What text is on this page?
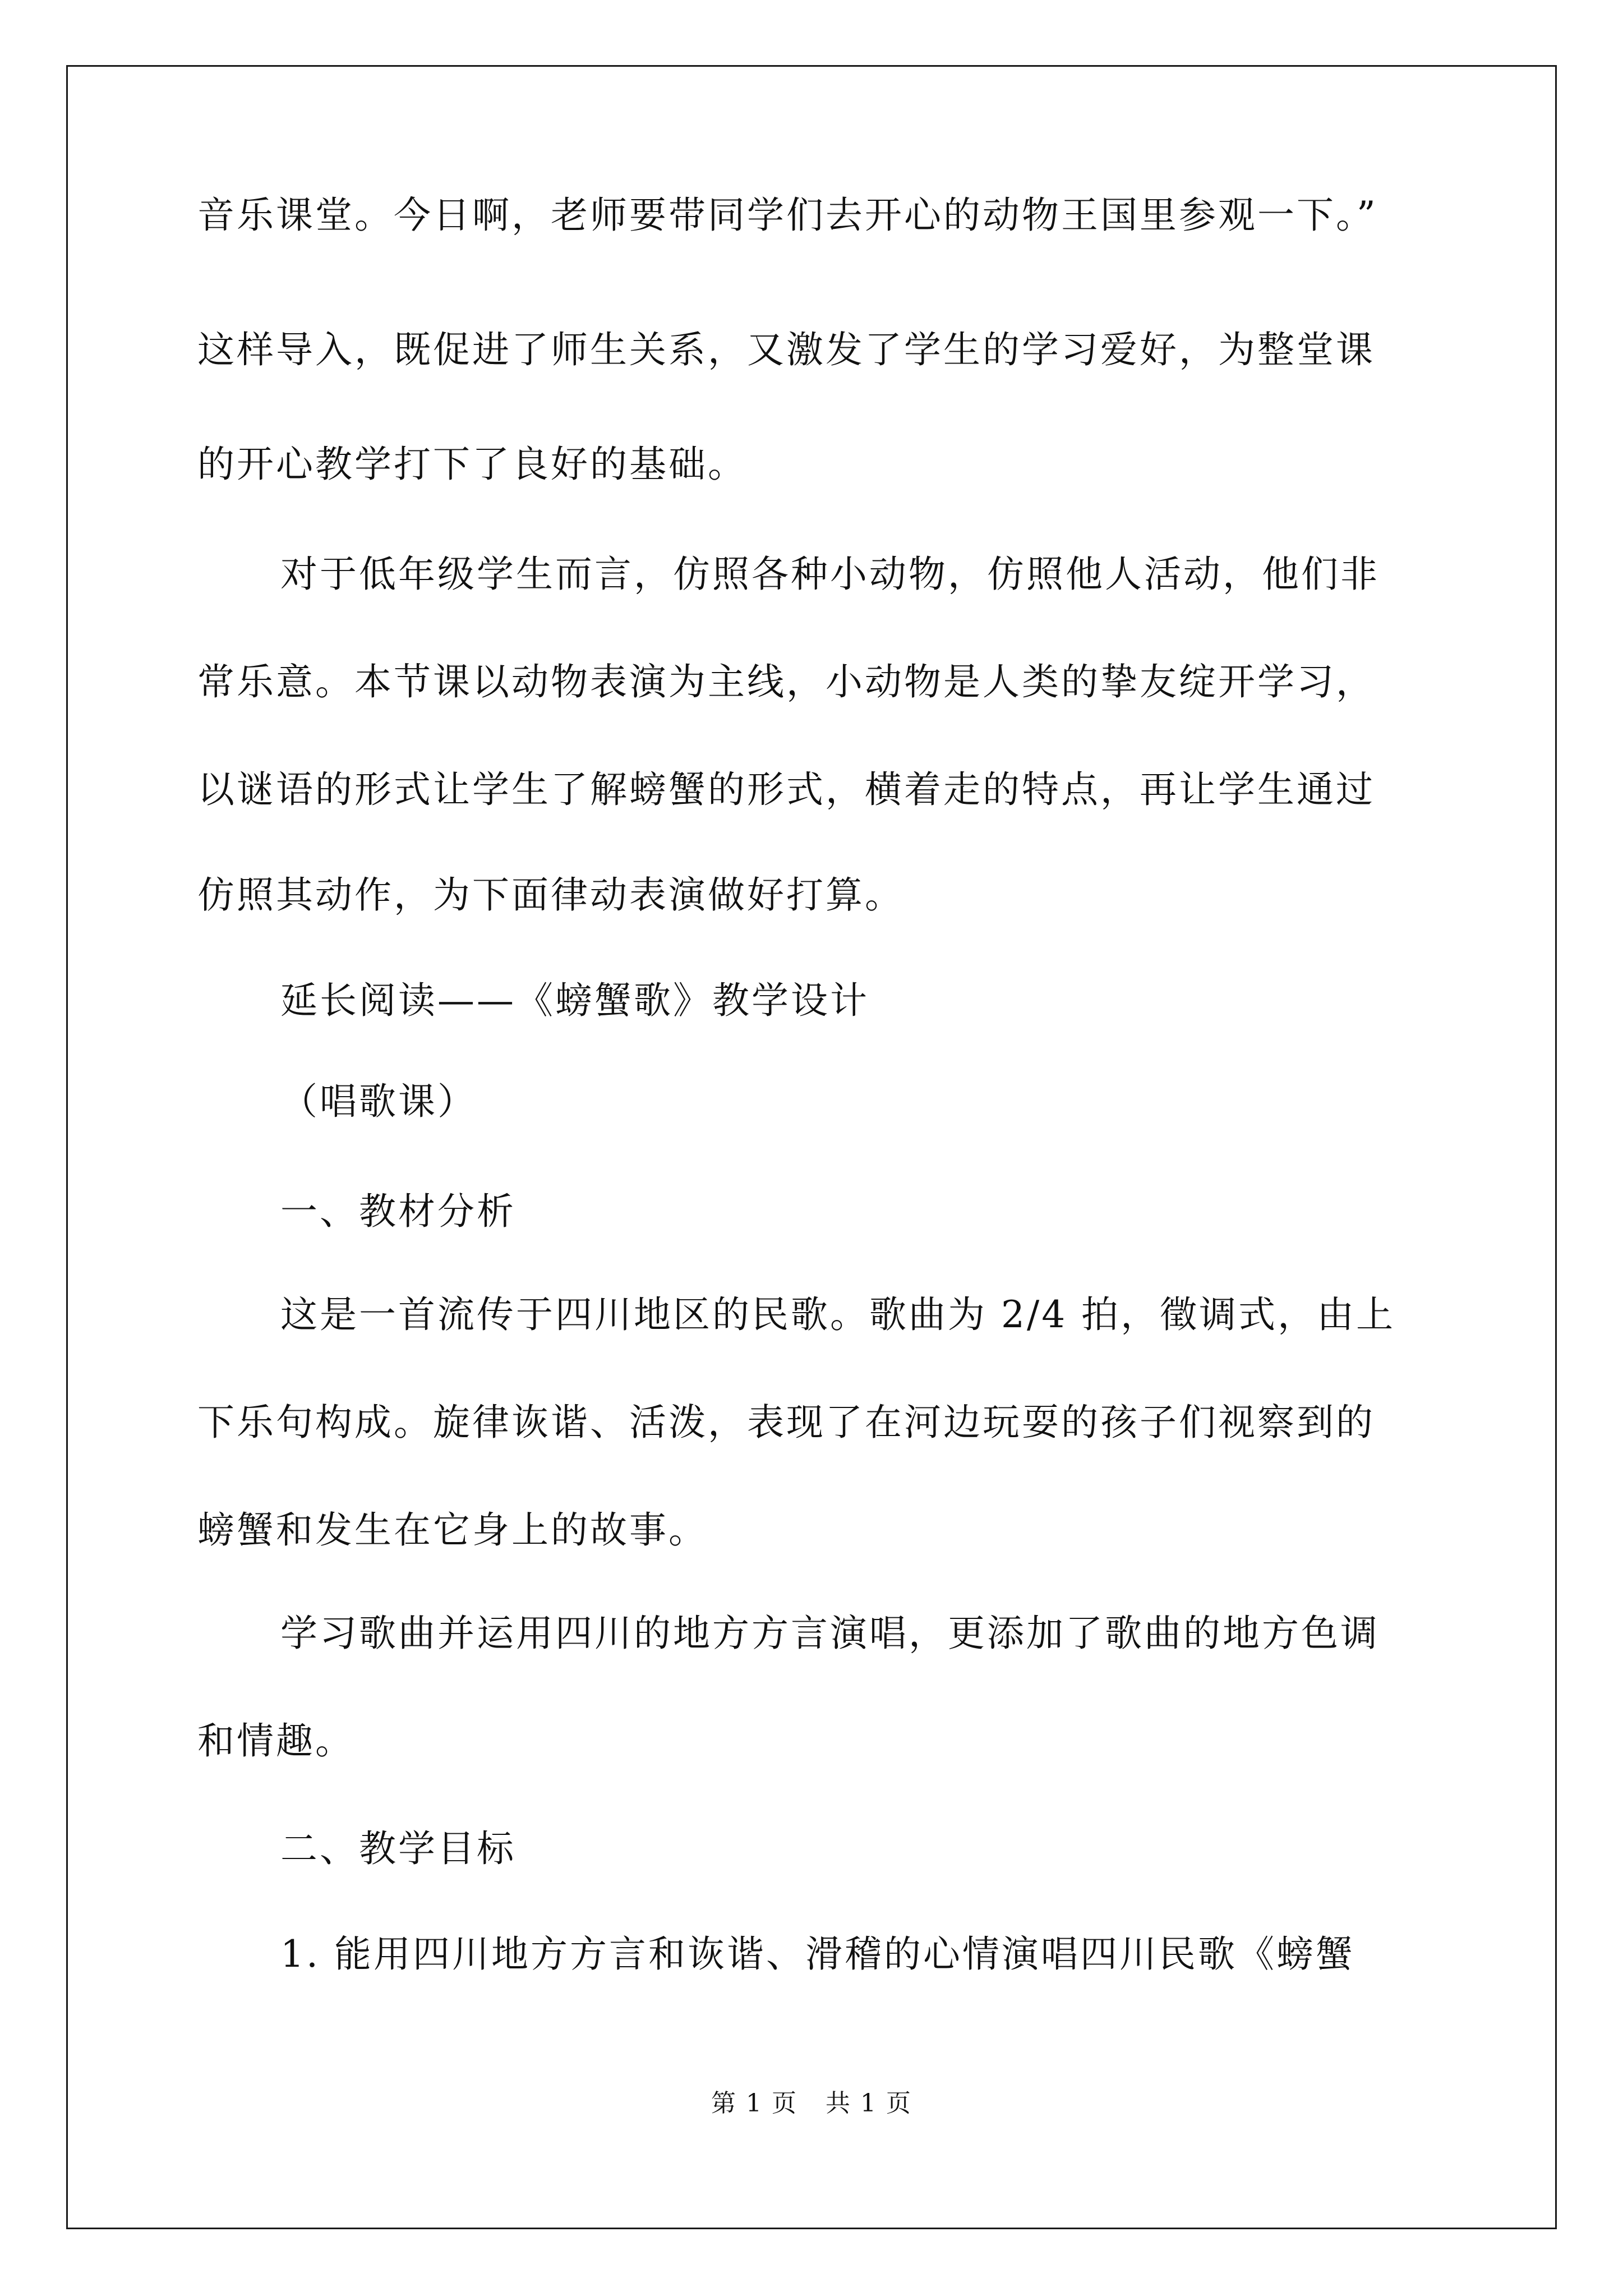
音乐课堂。今日啊，老师要带同学们去开心的动物王国里参观一下。”
这样导入，既促进了师生关系，又激发了学生的学习爱好，为整堂课
的开心教学打下了良好的基础。
对于低年级学生而言，仿照各种小动物，仿照他人活动，他们非
常乐意。本节课以动物表演为主线，小动物是人类的挚友绽开学习，
以谜语的形式让学生了解螃蟹的形式，横着走的特点，再让学生通过
仿照其动作，为下面律动表演做好打算。
延长阅读——《螃蟹歌》教学设计
（唱歌课）
一、教材分析
这是一首流传于四川地区的民歌。歌曲为 2/4 拍，徵调式，由上
下乐句构成。旋律诙谐、活泼，表现了在河边玩耍的孩子们视察到的
螃蟹和发生在它身上的故事。
学习歌曲并运用四川的地方方言演唱，更添加了歌曲的地方色调
和情趣。
二、教学目标
1. 能用四川地方方言和诙谐、滑稽的心情演唱四川民歌《螃蟹
第 1 页 共 1 页
